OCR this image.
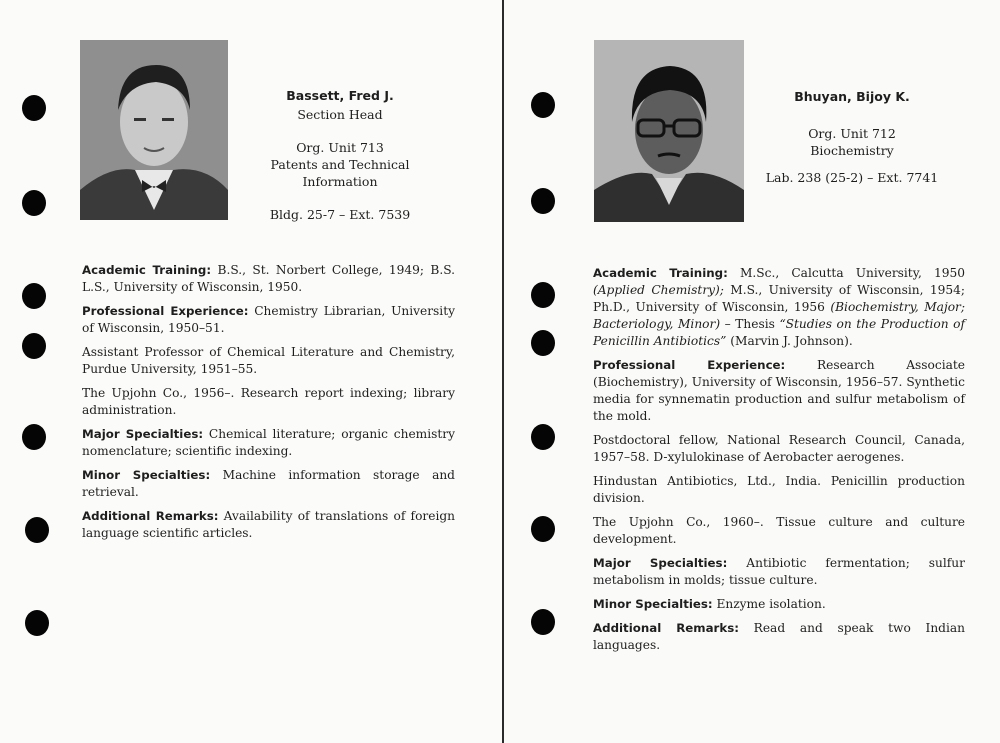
Bassett, Fred J.
Section Head
Org. Unit 713
Patents and Technical
Information
Bldg. 25-7 – Ext. 7539

Academic Training: B.S., St. Norbert College, 1949; B.S. L.S., University of Wisconsin, 1950.

Professional Experience: Chemistry Librarian, University of Wisconsin, 1950–51.

Assistant Professor of Chemical Literature and Chemistry, Purdue University, 1951–55.

The Upjohn Co., 1956–. Research report indexing; library administration.

Major Specialties: Chemical literature; organic chemistry nomenclature; scientific indexing.

Minor Specialties: Machine information storage and retrieval.

Additional Remarks: Availability of translations of foreign language scientific articles.

Bhuyan, Bijoy K.
Org. Unit 712
Biochemistry
Lab. 238 (25-2) – Ext. 7741

Academic Training: M.Sc., Calcutta University, 1950 (Applied Chemistry); M.S., University of Wisconsin, 1954; Ph.D., University of Wisconsin, 1956 (Biochemistry, Major; Bacteriology, Minor) – Thesis “Studies on the Production of Penicillin Antibiotics” (Marvin J. Johnson).

Professional Experience: Research Associate (Biochemistry), University of Wisconsin, 1956–57. Synthetic media for synnematin production and sulfur metabolism of the mold.

Postdoctoral fellow, National Research Council, Canada, 1957–58. D-xylulokinase of Aerobacter aerogenes.

Hindustan Antibiotics, Ltd., India. Penicillin production division.

The Upjohn Co., 1960–. Tissue culture and culture development.

Major Specialties: Antibiotic fermentation; sulfur metabolism in molds; tissue culture.

Minor Specialties: Enzyme isolation.

Additional Remarks: Read and speak two Indian languages.
